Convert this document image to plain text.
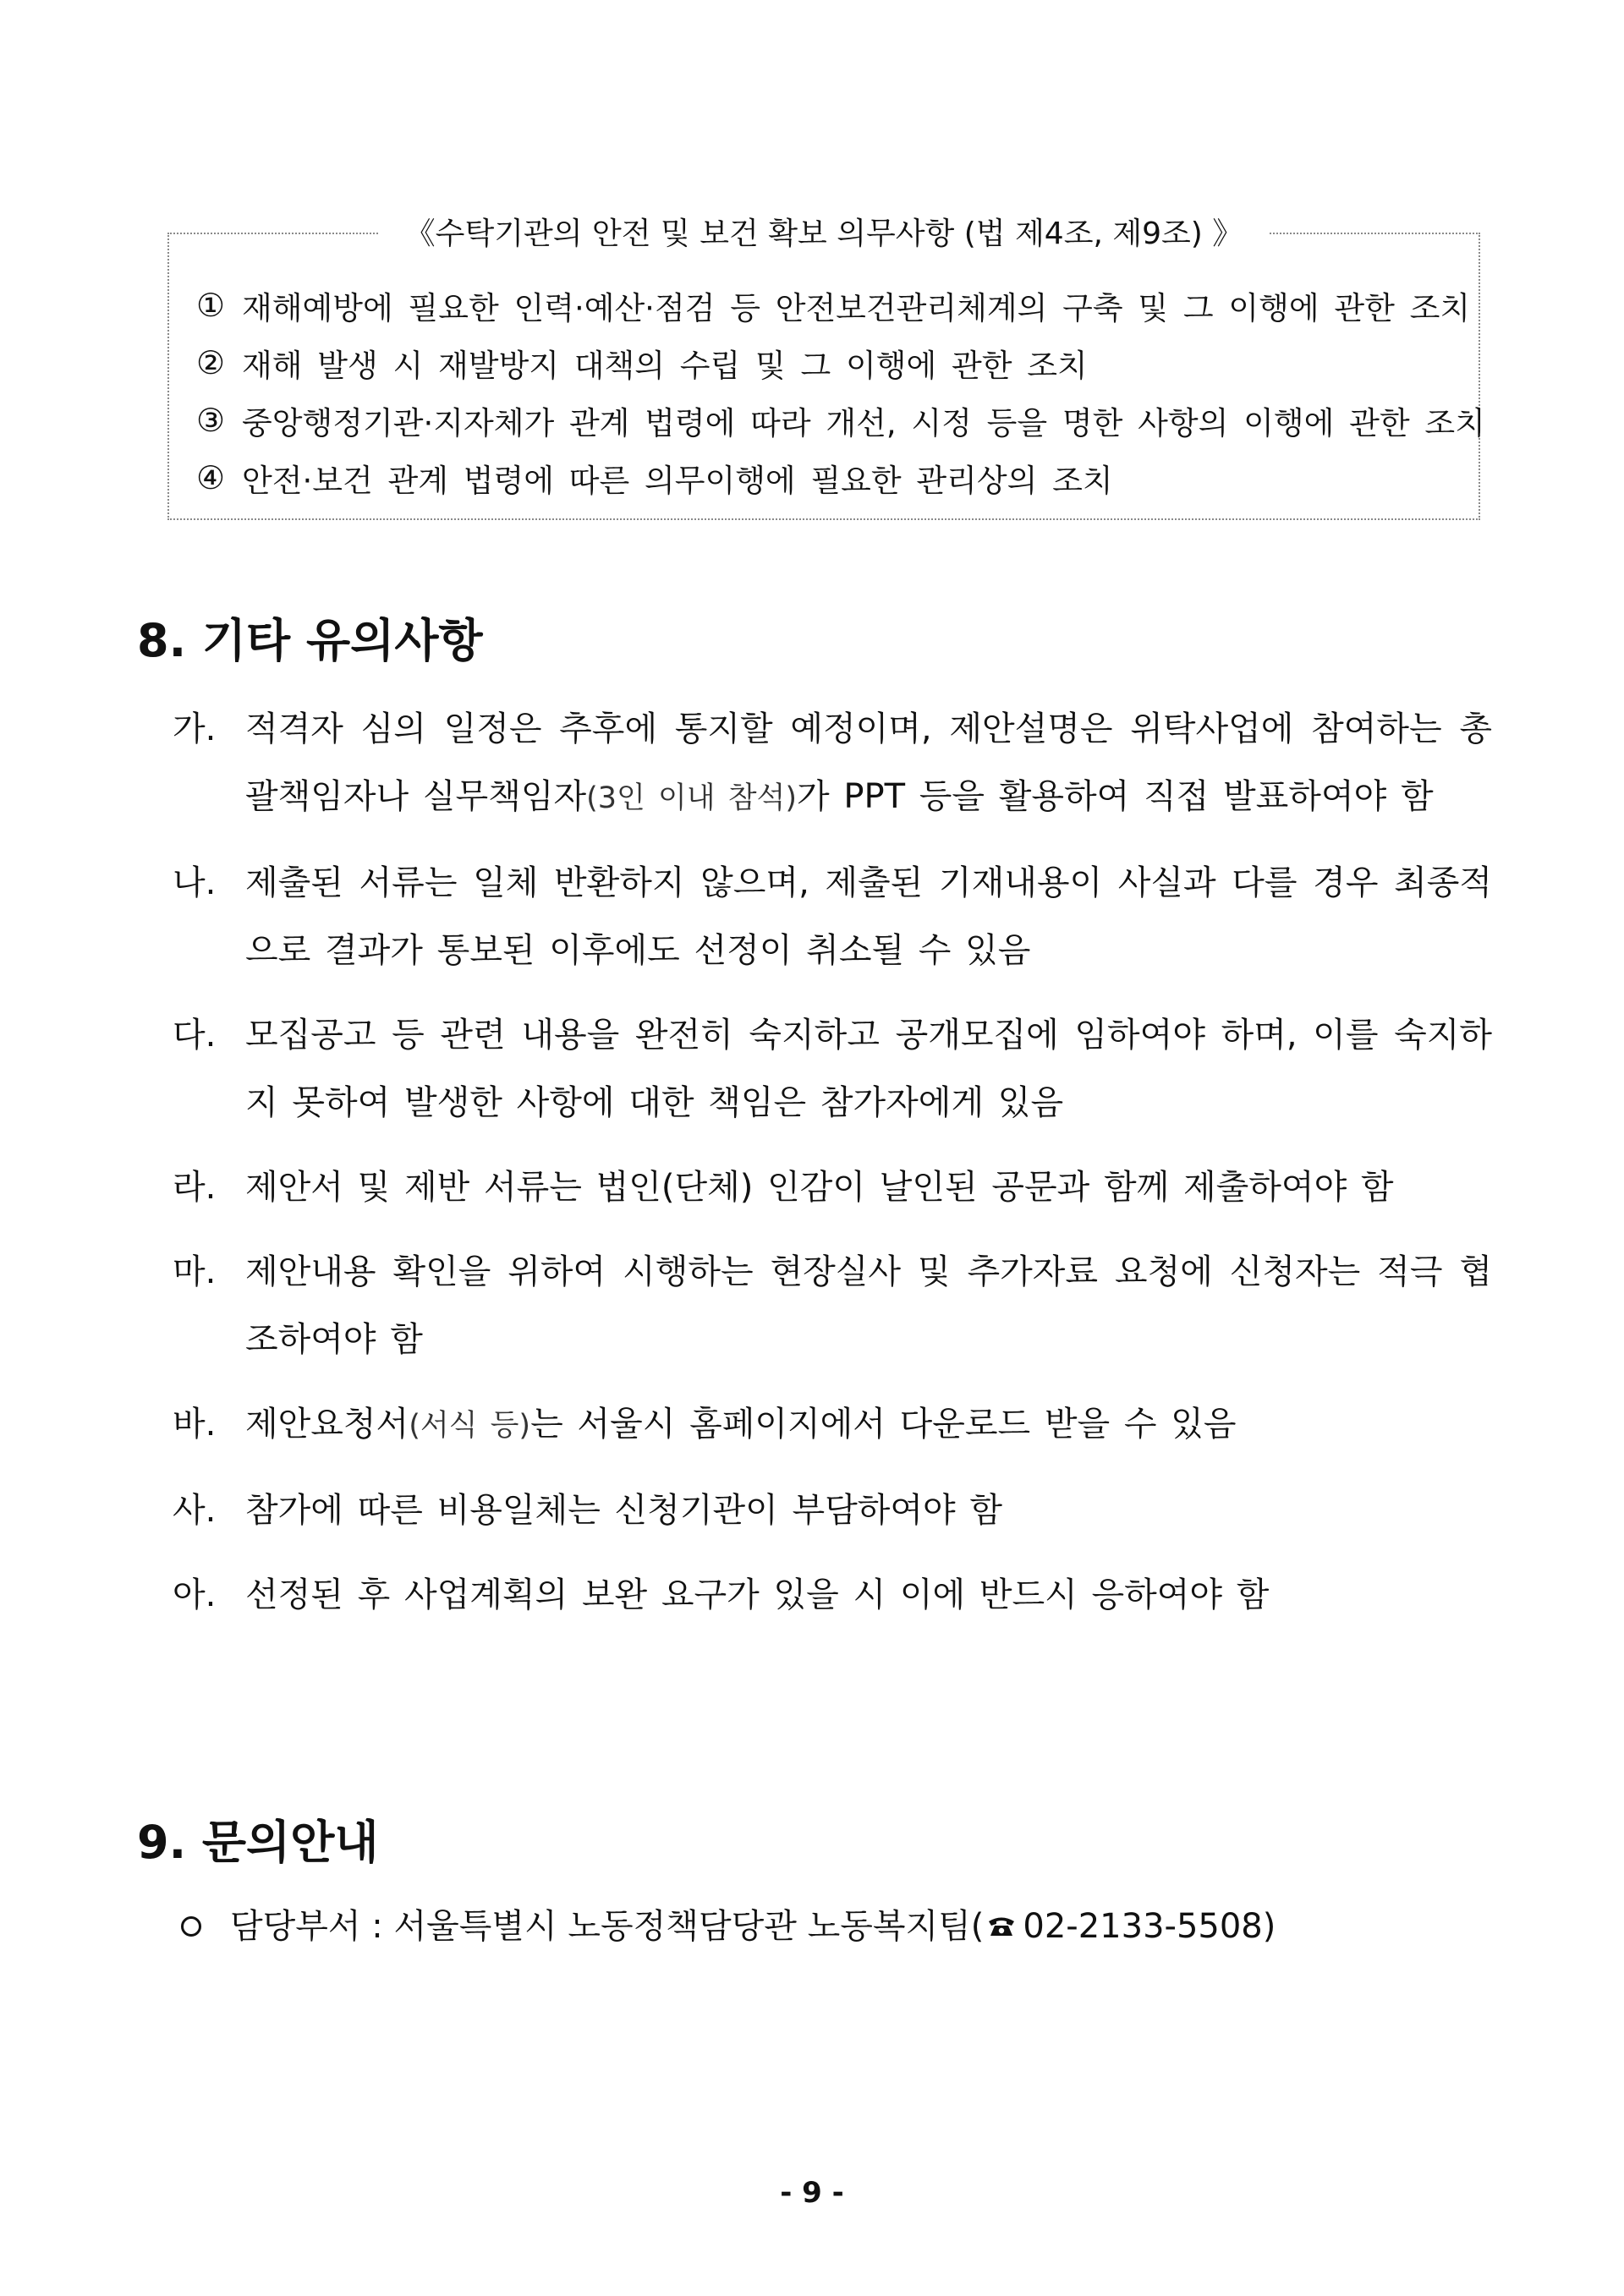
《수탁기관의 안전 및 보건 확보 의무사항 (법 제4조, 제9조) 》
① 재해예방에 필요한 인력·예산·점검 등 안전보건관리체계의 구축 및 그 이행에 관한 조치
② 재해 발생 시 재발방지 대책의 수립 및 그 이행에 관한 조치
③ 중앙행정기관·지자체가 관계 법령에 따라 개선, 시정 등을 명한 사항의 이행에 관한 조치
④ 안전·보건 관계 법령에 따른 의무이행에 필요한 관리상의 조치
8. 기타 유의사항
가. 적격자 심의 일정은 추후에 통지할 예정이며, 제안설명은 위탁사업에 참여하는 총괄책임자나 실무책임자(3인 이내 참석)가 PPT 등을 활용하여 직접 발표하여야 함
나. 제출된 서류는 일체 반환하지 않으며, 제출된 기재내용이 사실과 다를 경우 최종적으로 결과가 통보된 이후에도 선정이 취소될 수 있음
다. 모집공고 등 관련 내용을 완전히 숙지하고 공개모집에 임하여야 하며, 이를 숙지하지 못하여 발생한 사항에 대한 책임은 참가자에게 있음
라. 제안서 및 제반 서류는 법인(단체) 인감이 날인된 공문과 함께 제출하여야 함
마. 제안내용 확인을 위하여 시행하는 현장실사 및 추가자료 요청에 신청자는 적극 협조하여야 함
바. 제안요청서(서식 등)는 서울시 홈페이지에서 다운로드 받을 수 있음
사. 참가에 따른 비용일체는 신청기관이 부담하여야 함
아. 선정된 후 사업계획의 보완 요구가 있을 시 이에 반드시 응하여야 함
9. 문의안내
담당부서 : 서울특별시 노동정책담당관 노동복지팀( 02-2133-5508 )
- 9 -
